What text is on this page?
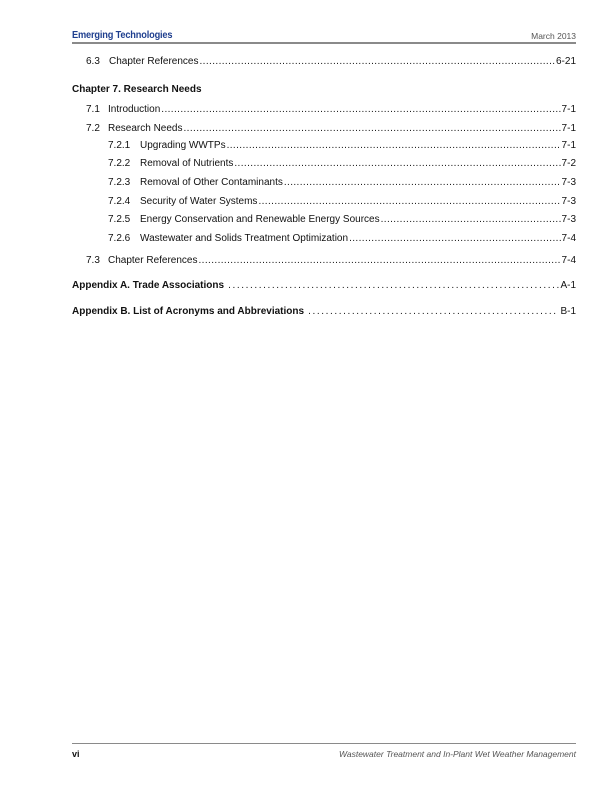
Emerging Technologies	March 2013
6.3 Chapter References .....	6-21
Chapter 7. Research Needs
7.1 Introduction .....	7-1
7.2 Research Needs .....	7-1
7.2.1 Upgrading WWTPs .....	7-1
7.2.2 Removal of Nutrients .....	7-2
7.2.3 Removal of Other Contaminants .....	7-3
7.2.4 Security of Water Systems .....	7-3
7.2.5 Energy Conservation and Renewable Energy Sources .....	7-3
7.2.6 Wastewater and Solids Treatment Optimization .....	7-4
7.3 Chapter References .....	7-4
Appendix A. Trade Associations .....	A-1
Appendix B. List of Acronyms and Abbreviations .....	B-1
vi	Wastewater Treatment and In-Plant Wet Weather Management
